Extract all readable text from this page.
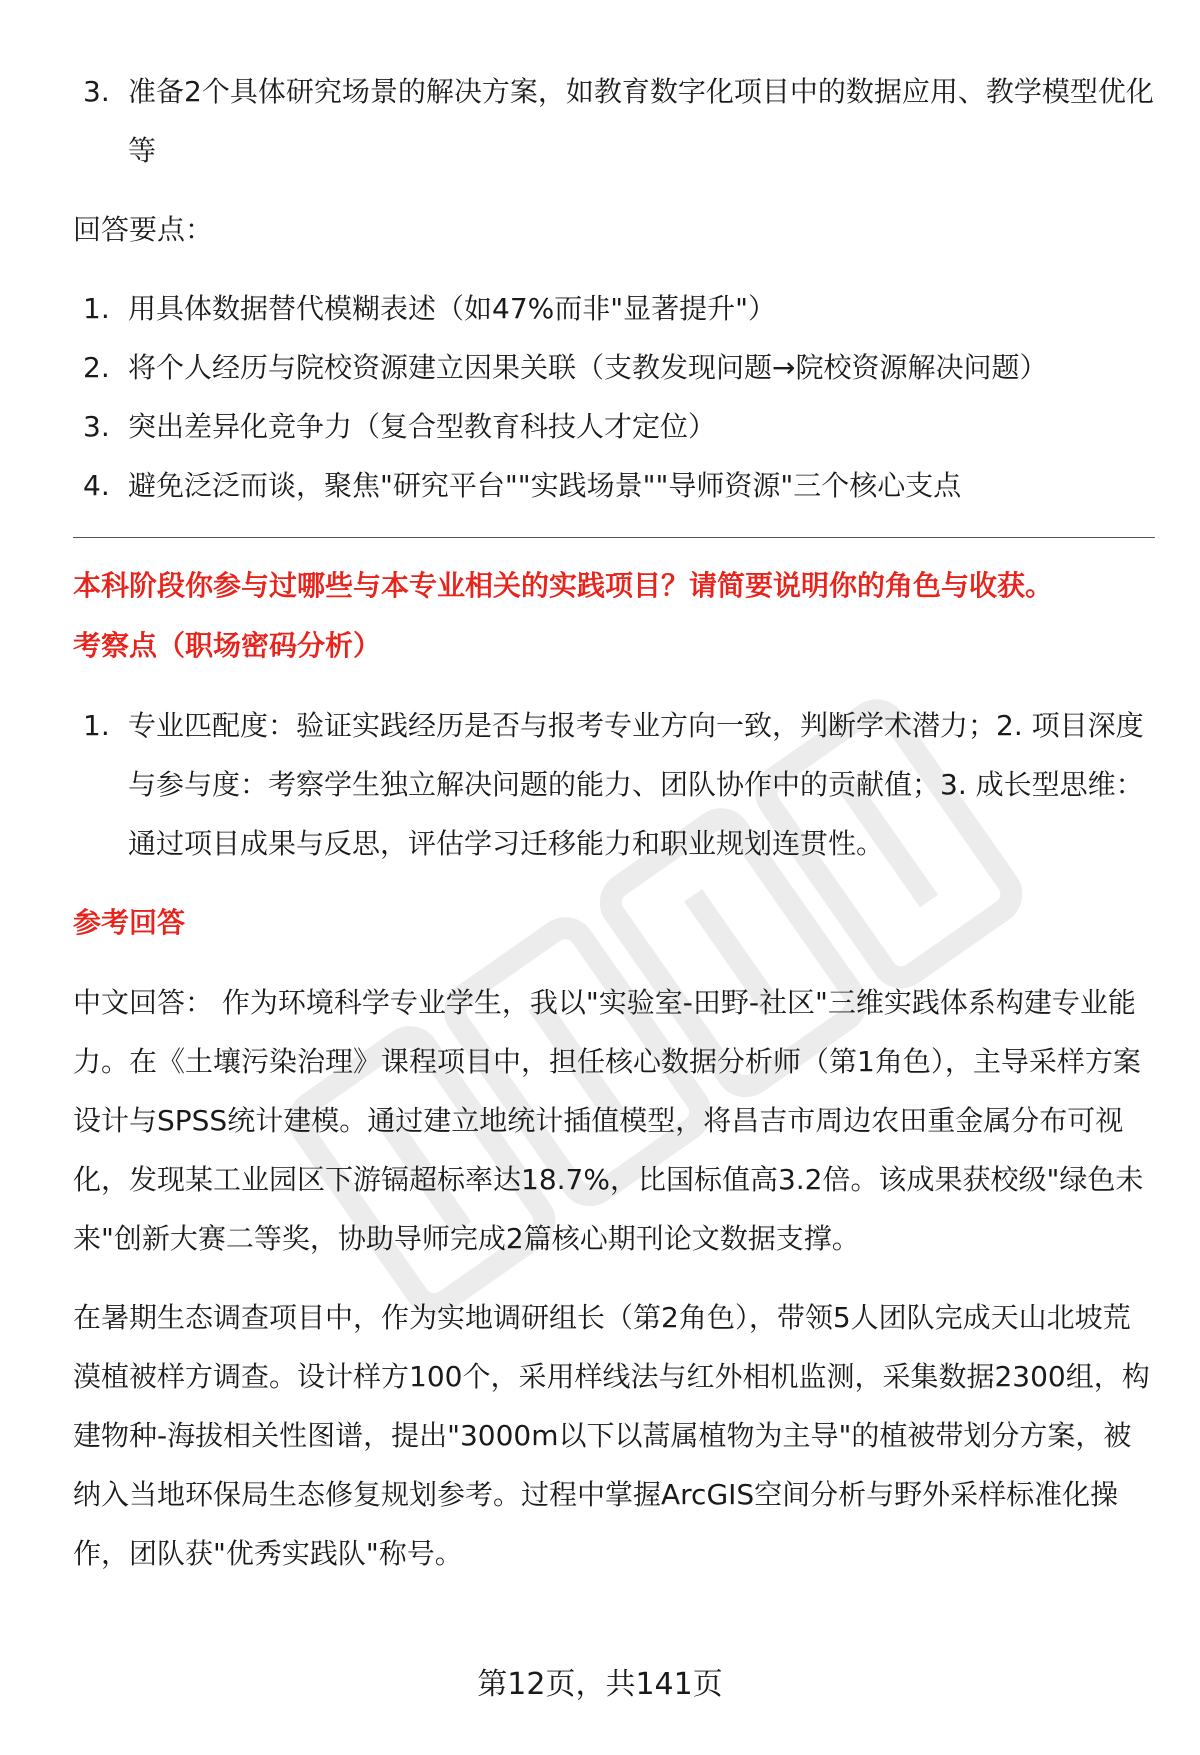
3. 准备2个具体研究场景的解决方案，如教育数字化项目中的数据应用、教学模型优化等

回答要点：

1. 用具体数据替代模糊表述（如47%而非"显著提升"）
2. 将个人经历与院校资源建立因果关联（支教发现问题→院校资源解决问题）
3. 突出差异化竞争力（复合型教育科技人才定位）
4. 避免泛泛而谈，聚焦"研究平台""实践场景""导师资源"三个核心支点

本科阶段你参与过哪些与本专业相关的实践项目？请简要说明你的角色与收获。

考察点（职场密码分析）

1. 专业匹配度：验证实践经历是否与报考专业方向一致，判断学术潜力；2. 项目深度与参与度：考察学生独立解决问题的能力、团队协作中的贡献值；3. 成长型思维：通过项目成果与反思，评估学习迁移能力和职业规划连贯性。

参考回答

中文回答： 作为环境科学专业学生，我以"实验室-田野-社区"三维实践体系构建专业能力。在《土壤污染治理》课程项目中，担任核心数据分析师（第1角色），主导采样方案设计与SPSS统计建模。通过建立地统计插值模型，将昌吉市周边农田重金属分布可视化，发现某工业园区下游镉超标率达18.7%，比国标值高3.2倍。该成果获校级"绿色未来"创新大赛二等奖，协助导师完成2篇核心期刊论文数据支撑。

在暑期生态调查项目中，作为实地调研组长（第2角色），带领5人团队完成天山北坡荒漠植被样方调查。设计样方100个，采用样线法与红外相机监测，采集数据2300组，构建物种-海拔相关性图谱，提出"3000m以下以蒿属植物为主导"的植被带划分方案，被纳入当地环保局生态修复规划参考。过程中掌握ArcGIS空间分析与野外采样标准化操作，团队获"优秀实践队"称号。

第12页，共141页
